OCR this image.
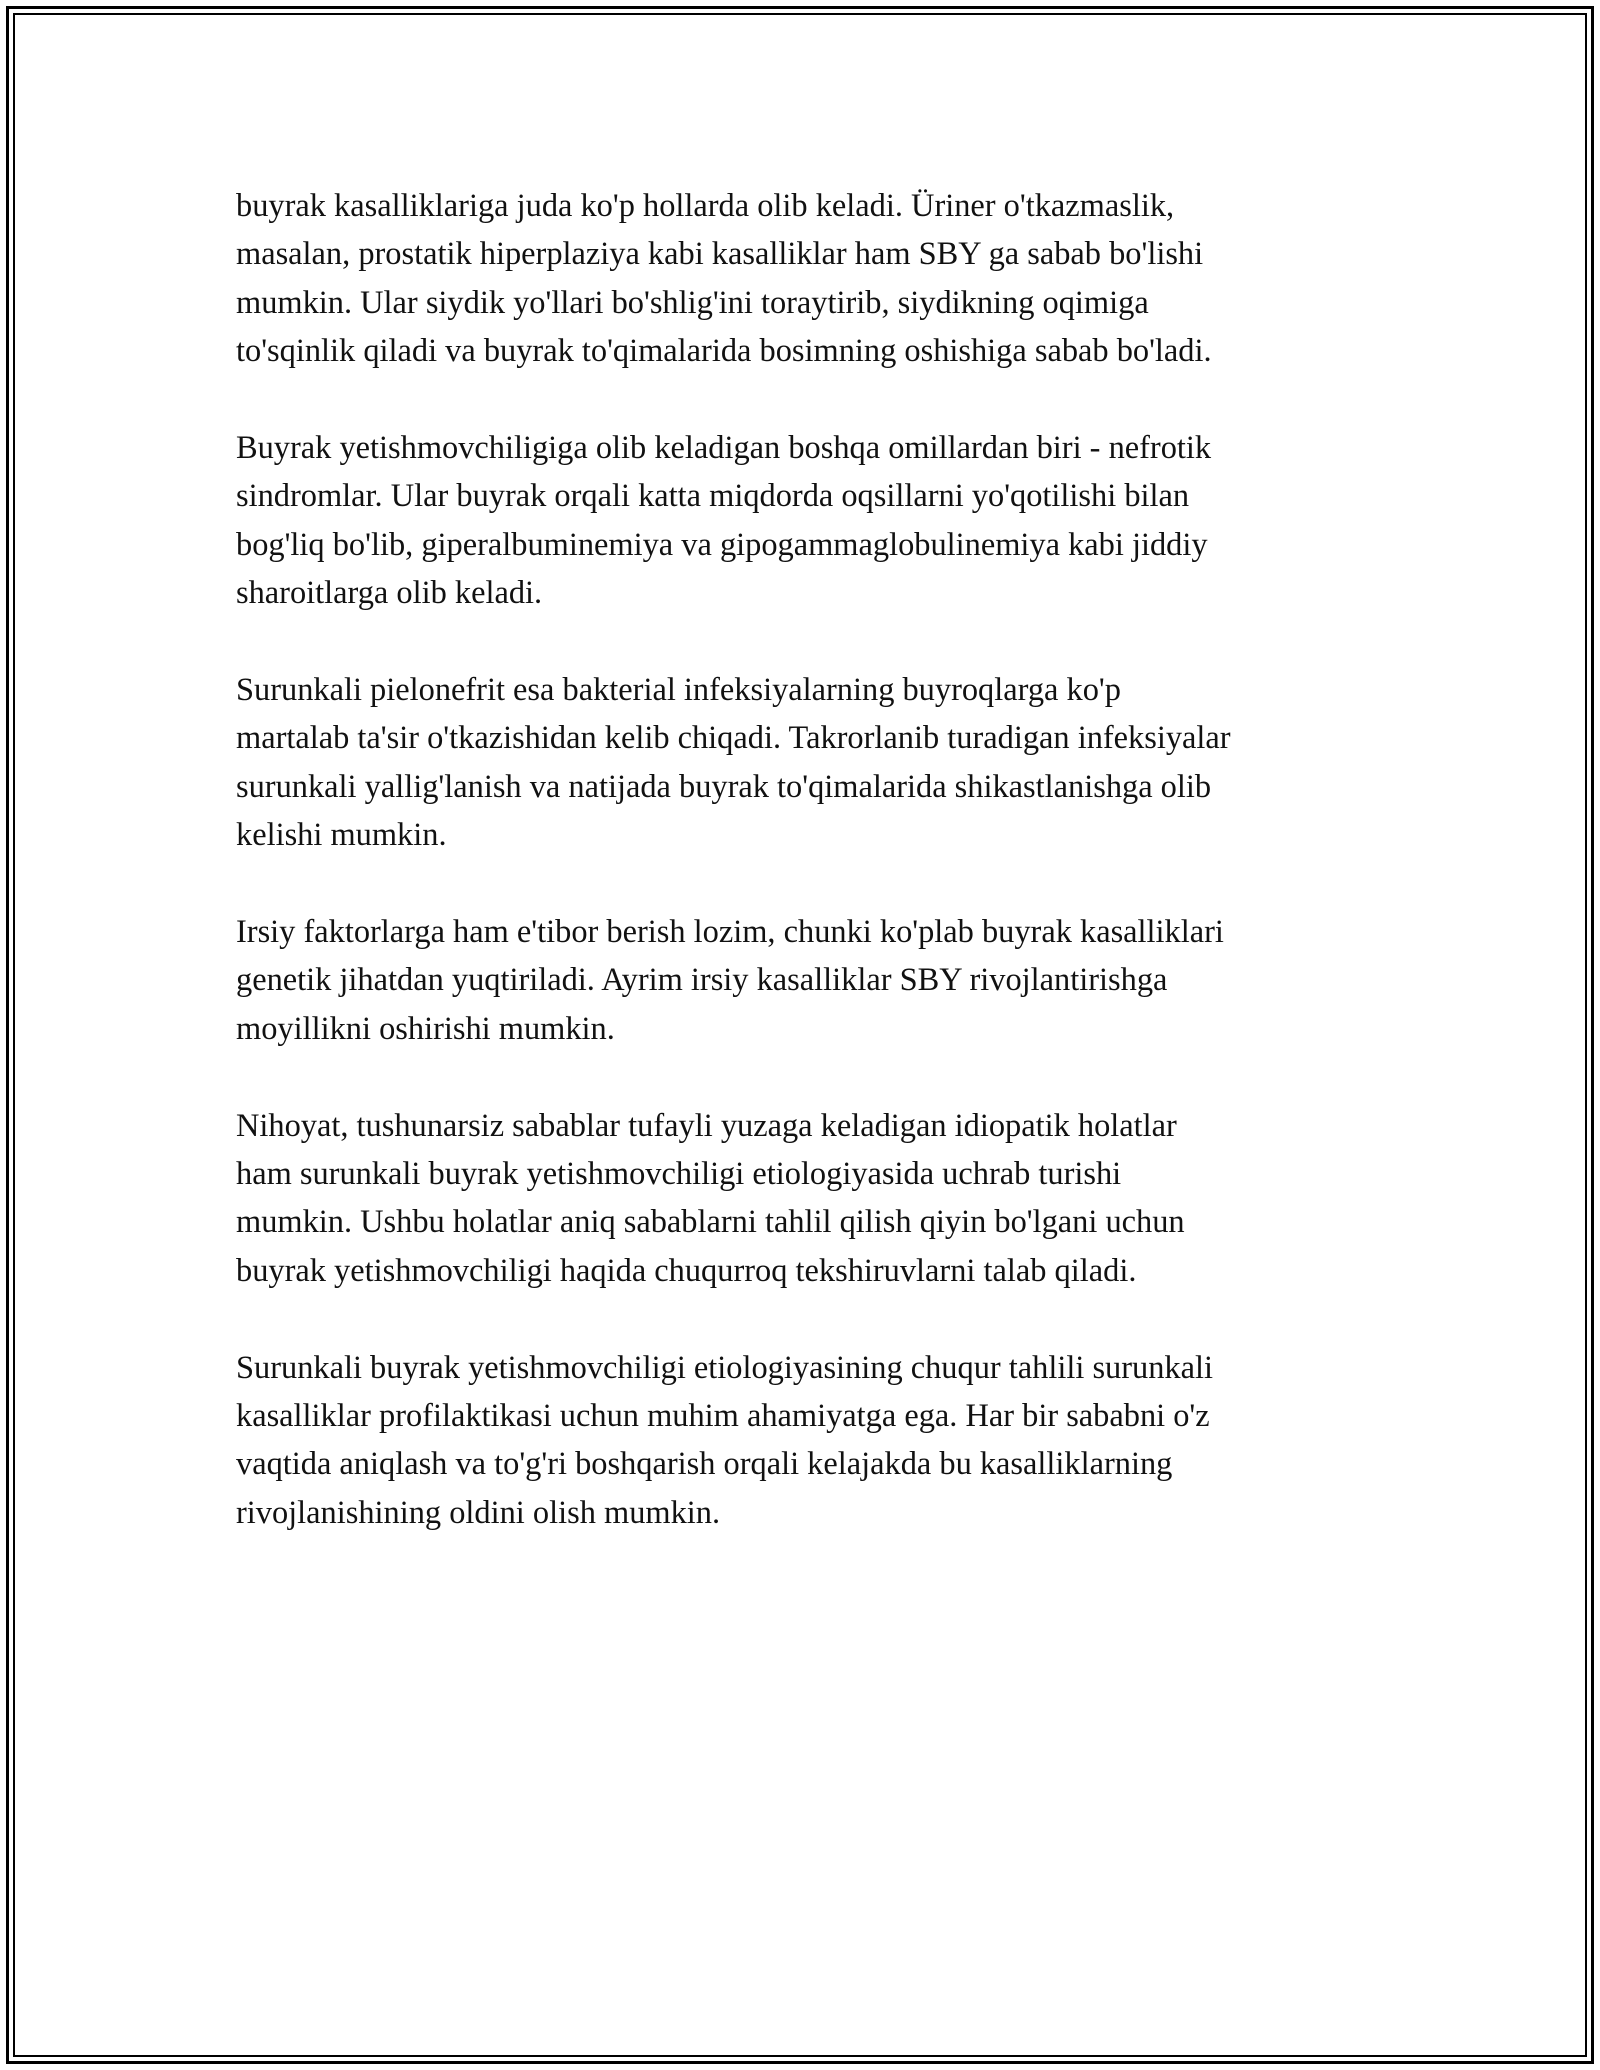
buyrak kasalliklariga juda ko'p hollarda olib keladi. Üriner o'tkazmaslik,
masalan, prostatik hiperplaziya kabi kasalliklar ham SBY ga sabab bo'lishi
mumkin. Ular siydik yo'llari bo'shlig'ini toraytirib, siydikning oqimiga
to'sqinlik qiladi va buyrak to'qimalarida bosimning oshishiga sabab bo'ladi.

Buyrak yetishmovchiligiga olib keladigan boshqa omillardan biri - nefrotik
sindromlar. Ular buyrak orqali katta miqdorda oqsillarni yo'qotilishi bilan
bog'liq bo'lib, giperalbuminemiya va gipogammaglobulinemiya kabi jiddiy
sharoitlarga olib keladi.

Surunkali pielonefrit esa bakterial infeksiyalarning buyroqlarga ko'p
martalab ta'sir o'tkazishidan kelib chiqadi. Takrorlanib turadigan infeksiyalar
surunkali yallig'lanish va natijada buyrak to'qimalarida shikastlanishga olib
kelishi mumkin.

Irsiy faktorlarga ham e'tibor berish lozim, chunki ko'plab buyrak kasalliklari
genetik jihatdan yuqtiriladi. Ayrim irsiy kasalliklar SBY rivojlantirishga
moyillikni oshirishi mumkin.

Nihoyat, tushunarsiz sabablar tufayli yuzaga keladigan idiopatik holatlar
ham surunkali buyrak yetishmovchiligi etiologiyasida uchrab turishi
mumkin. Ushbu holatlar aniq sabablarni tahlil qilish qiyin bo'lgani uchun
buyrak yetishmovchiligi haqida chuqurroq tekshiruvlarni talab qiladi.

Surunkali buyrak yetishmovchiligi etiologiyasining chuqur tahlili surunkali
kasalliklar profilaktikasi uchun muhim ahamiyatga ega. Har bir sababni o'z
vaqtida aniqlash va to'g'ri boshqarish orqali kelajakda bu kasalliklarning
rivojlanishining oldini olish mumkin.
